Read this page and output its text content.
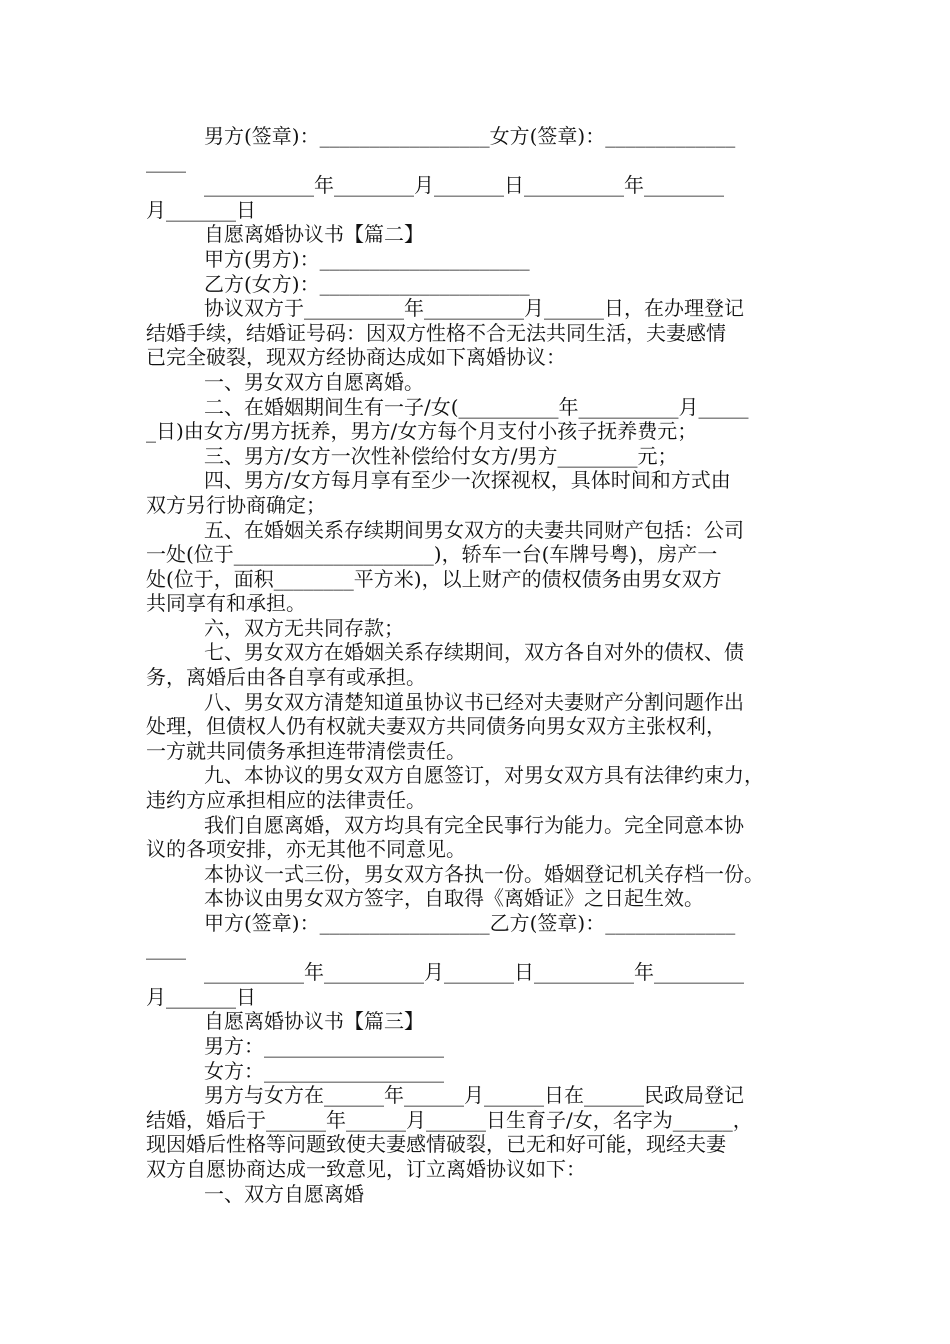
男方(签章)：_________________女方(签章)：_____________
____
___________年________月_______日__________年________
月_______日
自愿离婚协议书【篇二】
甲方(男方)：_____________________
乙方(女方)：_____________________
协议双方于__________年__________月______日，在办理登记
结婚手续，结婚证号码：因双方性格不合无法共同生活，夫妻感情
已完全破裂，现双方经协商达成如下离婚协议：
一、男女双方自愿离婚。
二、在婚姻期间生有一子/女(__________年__________月_____
_日)由女方/男方抚养，男方/女方每个月支付小孩子抚养费元；
三、男方/女方一次性补偿给付女方/男方________元；
四、男方/女方每月享有至少一次探视权，具体时间和方式由
双方另行协商确定；
五、在婚姻关系存续期间男女双方的夫妻共同财产包括：公司
一处(位于____________________)，轿车一台(车牌号粤)，房产一
处(位于，面积________平方米)，以上财产的债权债务由男女双方
共同享有和承担。
六，双方无共同存款；
七、男女双方在婚姻关系存续期间，双方各自对外的债权、债
务，离婚后由各自享有或承担。
八、男女双方清楚知道虽协议书已经对夫妻财产分割问题作出
处理，但债权人仍有权就夫妻双方共同债务向男女双方主张权利，
一方就共同债务承担连带清偿责任。
九、本协议的男女双方自愿签订，对男女双方具有法律约束力，
违约方应承担相应的法律责任。
我们自愿离婚，双方均具有完全民事行为能力。完全同意本协
议的各项安排，亦无其他不同意见。
本协议一式三份，男女双方各执一份。婚姻登记机关存档一份。
本协议由男女双方签字，自取得《离婚证》之日起生效。
甲方(签章)：_________________乙方(签章)：_____________
____
__________年__________月_______日__________年_________
月_______日
自愿离婚协议书【篇三】
男方：__________________
女方：__________________
男方与女方在______年______月______日在______民政局登记
结婚，婚后于______年______月______日生育子/女，名字为______，
现因婚后性格等问题致使夫妻感情破裂，已无和好可能，现经夫妻
双方自愿协商达成一致意见，订立离婚协议如下：
一、双方自愿离婚
